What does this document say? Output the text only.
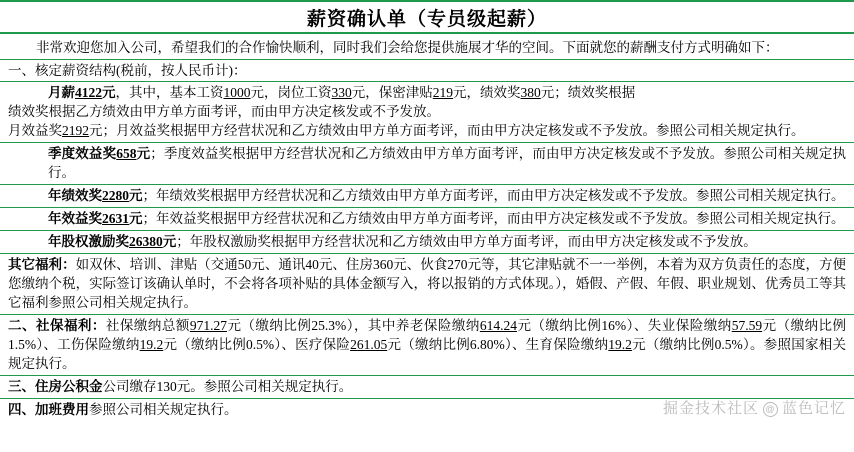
薪资确认单（专员级起薪）

非常欢迎您加入公司，希望我们的合作愉快顺利，同时我们会给您提供施展才华的空间。下面就您的薪酬支付方式明确如下：

一、核定薪资结构(税前，按人民币计)：

月薪4122元，其中，基本工资1000元，岗位工资330元，保密津贴219元，绩效奖380元；绩效奖根据

绩效奖根据乙方绩效由甲方单方面考评，而由甲方决定核发或不予发放。

月效益奖2192元；月效益奖根据甲方经营状况和乙方绩效由甲方单方面考评，而由甲方决定核发或不予发放。参照公司相关规定执行。

季度效益奖658元；季度效益奖根据甲方经营状况和乙方绩效由甲方单方面考评，而由甲方决定核发或不予发放。参照公司相关规定执行。

年绩效奖2280元；年绩效奖根据甲方经营状况和乙方绩效由甲方单方面考评，而由甲方决定核发或不予发放。参照公司相关规定执行。

年效益奖2631元；年效益奖根据甲方经营状况和乙方绩效由甲方单方面考评，而由甲方决定核发或不予发放。参照公司相关规定执行。

年股权激励奖26380元；年股权激励奖根据甲方经营状况和乙方绩效由甲方单方面考评，而由甲方决定核发或不予发放。

其它福利：如双休、培训、津贴（交通50元、通讯40元、住房360元、伙食270元等，其它津贴就不一一举例，本着为双方负责任的态度，方便您缴纳个税，实际签订该确认单时，不会将各项补贴的具体金额写入，将以报销的方式体现。），婚假、产假、年假、职业规划、优秀员工等其它福利参照公司相关规定执行。

二、社保福利：社保缴纳总额971.27元（缴纳比例25.3%），其中养老保险缴纳614.24元（缴纳比例16%）、失业保险缴纳57.59元（缴纳比例1.5%）、工伤保险缴纳19.2元（缴纳比例0.5%）、医疗保险261.05元（缴纳比例6.80%）、生育保险缴纳19.2元（缴纳比例0.5%）。参照国家相关规定执行。

三、住房公积金公司缴存130元。参照公司相关规定执行。

四、加班费用参照公司相关规定执行。	掘金技术社区 @ 蓝色记忆
